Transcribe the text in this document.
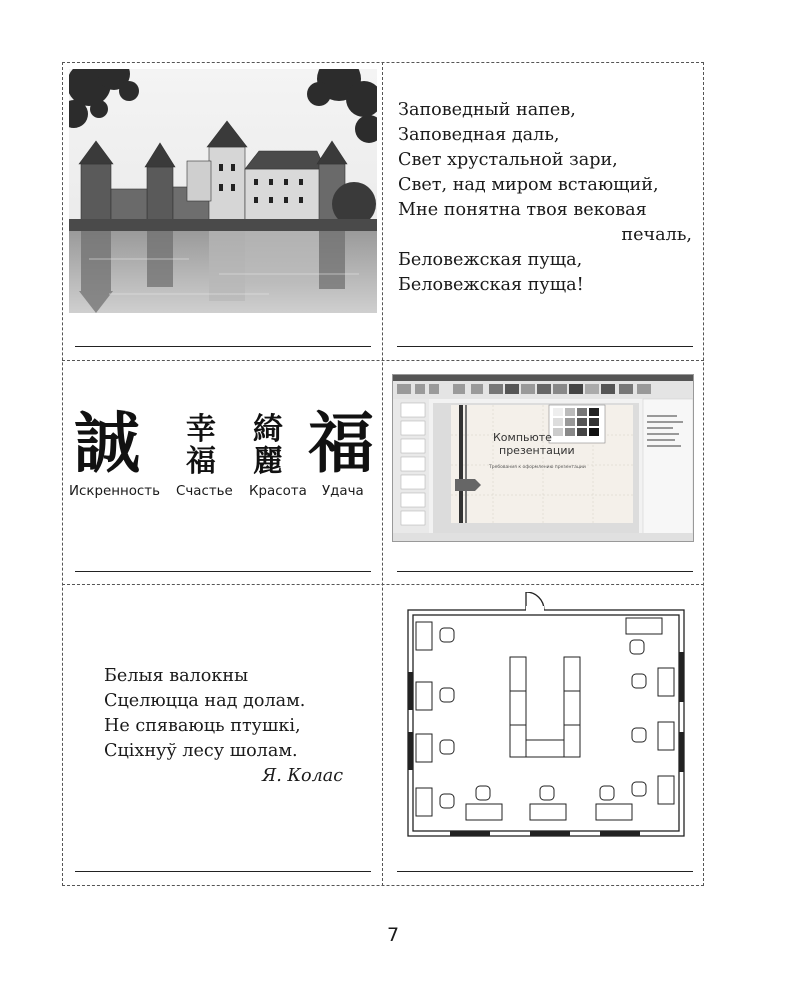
Заповедный напев,
Заповедная даль,
Свет хрустальной зари,
Свет, над миром встающий,
Мне понятна твоя вековая
печаль,
Беловежская пуща,
Беловежская пуща!
誠 幸
福
綺
麗 福
Искренность Счастье Красота Удача
Компьюте
презентации
Требования к оформлению презентации
Белыя валокны
Сцелюцца над долам.
Не спяваюць птушкі,
Сціхнуў лесу шолам.
Я. Колас
7
